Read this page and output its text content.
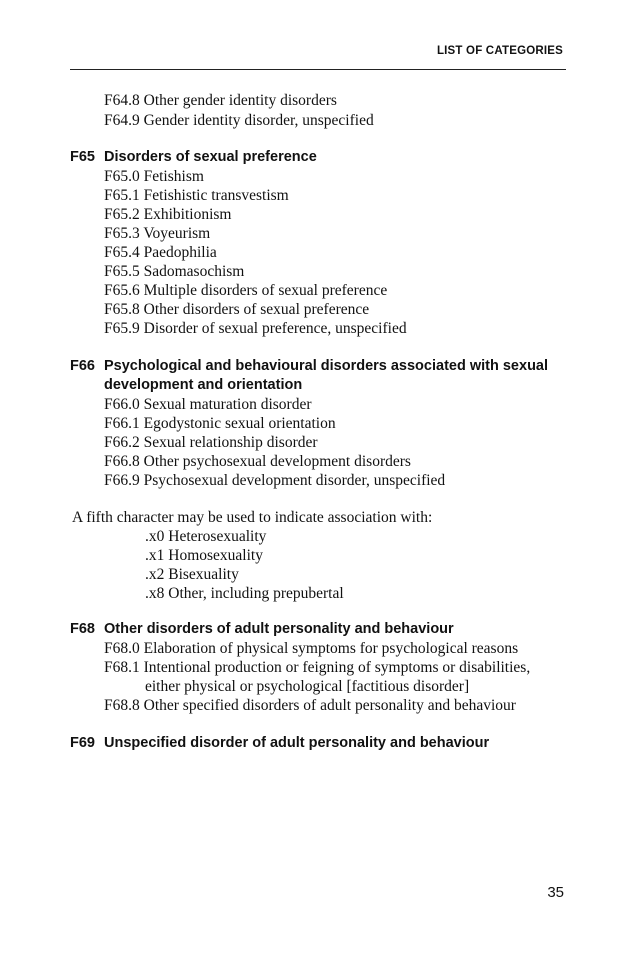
LIST OF CATEGORIES
F64.8 Other gender identity disorders
F64.9 Gender identity disorder, unspecified
F65 Disorders of sexual preference
F65.0 Fetishism
F65.1 Fetishistic transvestism
F65.2 Exhibitionism
F65.3 Voyeurism
F65.4 Paedophilia
F65.5 Sadomasochism
F65.6 Multiple disorders of sexual preference
F65.8 Other disorders of sexual preference
F65.9 Disorder of sexual preference, unspecified
F66 Psychological and behavioural disorders associated with sexual
development and orientation
F66.0 Sexual maturation disorder
F66.1 Egodystonic sexual orientation
F66.2 Sexual relationship disorder
F66.8 Other psychosexual development disorders
F66.9 Psychosexual development disorder, unspecified
A fifth character may be used to indicate association with:
.x0 Heterosexuality
.x1 Homosexuality
.x2 Bisexuality
.x8 Other, including prepubertal
F68 Other disorders of adult personality and behaviour
F68.0 Elaboration of physical symptoms for psychological reasons
F68.1 Intentional production or feigning of symptoms or disabilities,
either physical or psychological [factitious disorder]
F68.8 Other specified disorders of adult personality and behaviour
F69 Unspecified disorder of adult personality and behaviour
35
